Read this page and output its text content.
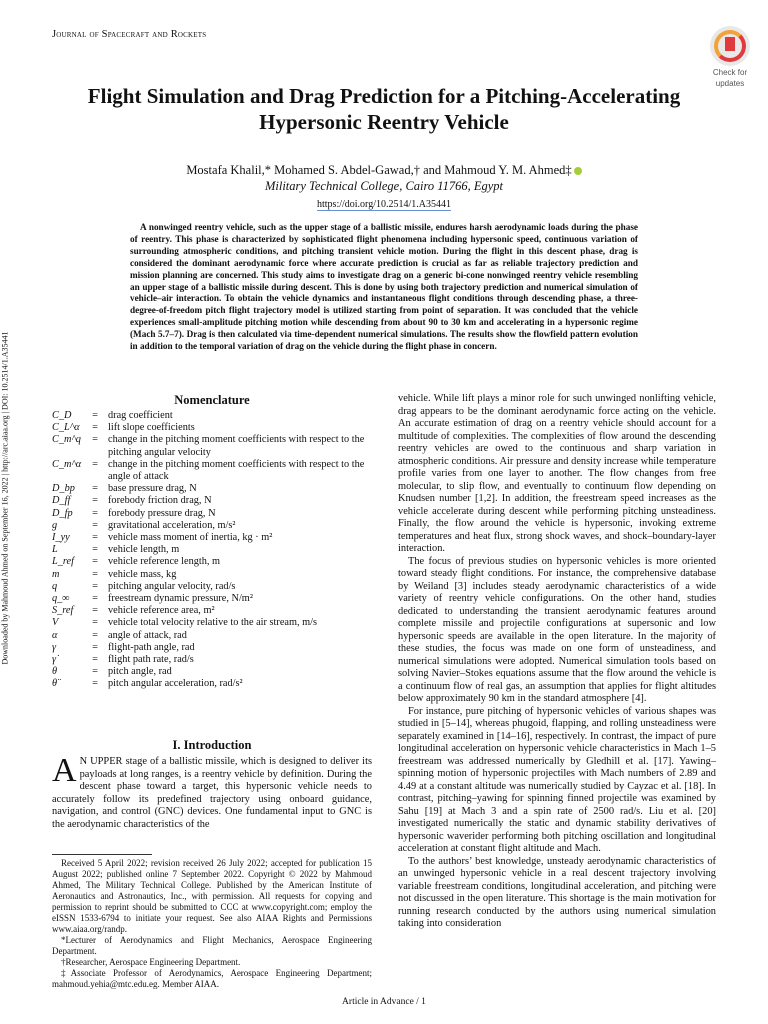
Journal of Spacecraft and Rockets
Check for
updates
Downloaded by Mahmoud Ahmed on September 16, 2022 | http://arc.aiaa.org | DOI: 10.2514/1.A35441
Flight Simulation and Drag Prediction for a Pitching-Accelerating Hypersonic Reentry Vehicle
Mostafa Khalil,* Mohamed S. Abdel-Gawad,† and Mahmoud Y. M. Ahmed‡
Military Technical College, Cairo 11766, Egypt
https://doi.org/10.2514/1.A35441
A nonwinged reentry vehicle, such as the upper stage of a ballistic missile, endures harsh aerodynamic loads during the phase of reentry. This phase is characterized by sophisticated flight phenomena including hypersonic speed, continuous variation of surrounding atmospheric conditions, and pitching transient vehicle motion. During the flight in this descent phase, drag is considered the dominant aerodynamic force where accurate prediction is crucial as far as reliable trajectory prediction and mission planning are concerned. This study aims to investigate drag on a generic bi-cone nonwinged reentry vehicle resembling an upper stage of a ballistic missile during descent. This is done by using both trajectory prediction and numerical simulation of vehicle–air interaction. To obtain the vehicle dynamics and instantaneous flight conditions through descending phase, a three-degree-of-freedom pitch flight trajectory model is utilized starting from point of separation. It was concluded that the vehicle experiences small-amplitude pitching motion while descending from about 90 to 30 km and accelerating in a hypersonic regime (Mach 5.7–7). Drag is then calculated via time-dependent numerical simulations. The results show the flowfield pattern evolution in addition to the temporal variation of drag on the vehicle during the flight phase in concern.
Nomenclature
C_D	= drag coefficient
C_L^α	= lift slope coefficients
C_m^q	= change in the pitching moment coefficients with respect to the pitching angular velocity
C_m^α	= change in the pitching moment coefficients with respect to the angle of attack
D_bp	= base pressure drag, N
D_ff	= forebody friction drag, N
D_fp	= forebody pressure drag, N
g	= gravitational acceleration, m/s²
I_yy	= vehicle mass moment of inertia, kg · m²
L	= vehicle length, m
L_ref	= vehicle reference length, m
m	= vehicle mass, kg
q	= pitching angular velocity, rad/s
q_∞	= freestream dynamic pressure, N/m²
S_ref	= vehicle reference area, m²
V	= vehicle total velocity relative to the air stream, m/s
α	= angle of attack, rad
γ	= flight-path angle, rad
γ̇	= flight path rate, rad/s
θ	= pitch angle, rad
θ̈	= pitch angular acceleration, rad/s²
I. Introduction
A N UPPER stage of a ballistic missile, which is designed to deliver its payloads at long ranges, is a reentry vehicle by definition. During the descent phase toward a target, this hypersonic vehicle needs to accurately follow its predefined trajectory using onboard guidance, navigation, and control (GNC) devices. One fundamental input to GNC is the aerodynamic characteristics of the

Received 5 April 2022; revision received 26 July 2022; accepted for publication 15 August 2022; published online 7 September 2022. Copyright © 2022 by Mahmoud Ahmed, The Military Technical College. Published by the American Institute of Aeronautics and Astronautics, Inc., with permission. All requests for copying and permission to reprint should be submitted to CCC at www.copyright.com; employ the eISSN 1533-6794 to initiate your request. See also AIAA Rights and Permissions www.aiaa.org/randp.

*Lecturer of Aerodynamics and Flight Mechanics, Aerospace Engineering Department.

†Researcher, Aerospace Engineering Department.

‡Associate Professor of Aerodynamics, Aerospace Engineering Department; mahmoud.yehia@mtc.edu.eg. Member AIAA.

vehicle. While lift plays a minor role for such unwinged nonlifting vehicle, drag appears to be the dominant aerodynamic force acting on the vehicle. An accurate estimation of drag on a reentry vehicle should account for a multitude of complexities. The complexities of flow around the descending reentry vehicles are owed to the continuous and sharp variation in atmospheric conditions. Air pressure and density increase while temperature profile varies from one layer to another. The flow changes from free molecular, to slip flow, and eventually to continuum flow depending on Knudsen number [1,2]. In addition, the freestream speed increases as the vehicle accelerate during descent while performing pitching unsteadiness. Finally, the flow around the vehicle is hypersonic, invoking extreme temperatures and heat flux, strong shock waves, and shock–boundary-layer interaction.

The focus of previous studies on hypersonic vehicles is more oriented toward steady flight conditions. For instance, the comprehensive database by Weiland [3] includes steady aerodynamic characteristics of a wide variety of reentry vehicle configurations. On the other hand, studies dedicated to understanding the transient aerodynamic features around complete missile and projectile configurations at supersonic and low hypersonic speeds are available in the open literature. In the majority of these studies, the focus was made on one form of unsteadiness, and numerical simulations were adopted. Numerical simulation tools based on solving Navier–Stokes equations assume that the flow around the vehicle is a continuum flow of real gas, an assumption that applies for flight altitudes below approximately 90 km in the standard atmosphere [4].

For instance, pure pitching of hypersonic vehicles of various shapes was studied in [5–14], whereas phugoid, flapping, and rolling unsteadiness were separately examined in [14–16], respectively. In contrast, the impact of pure longitudinal acceleration on hypersonic vehicle characteristics in Mach 1–5 freestream was addressed numerically by Gledhill et al. [17]. Yawing–spinning motion of hypersonic projectiles with Mach numbers of 2.89 and 4.49 at a constant altitude was numerically studied by Cayzac et al. [18]. In contrast, pitching–yawing for spinning finned projectile was examined by Sahu [19] at Mach 3 and a spin rate of 2500 rad/s. Liu et al. [20] investigated numerically the static and dynamic stability derivatives of hypersonic waverider performing both pitching oscillation and longitudinal acceleration at constant flight altitude and Mach.

To the authors’ best knowledge, unsteady aerodynamic characteristics of an unwinged hypersonic vehicle in a real descent trajectory involving variable freestream conditions, longitudinal acceleration, and pitching were not discussed in the open literature. This shortage is the main motivation for running research conducted by the authors using numerical simulation taking into consideration

Article in Advance / 1
